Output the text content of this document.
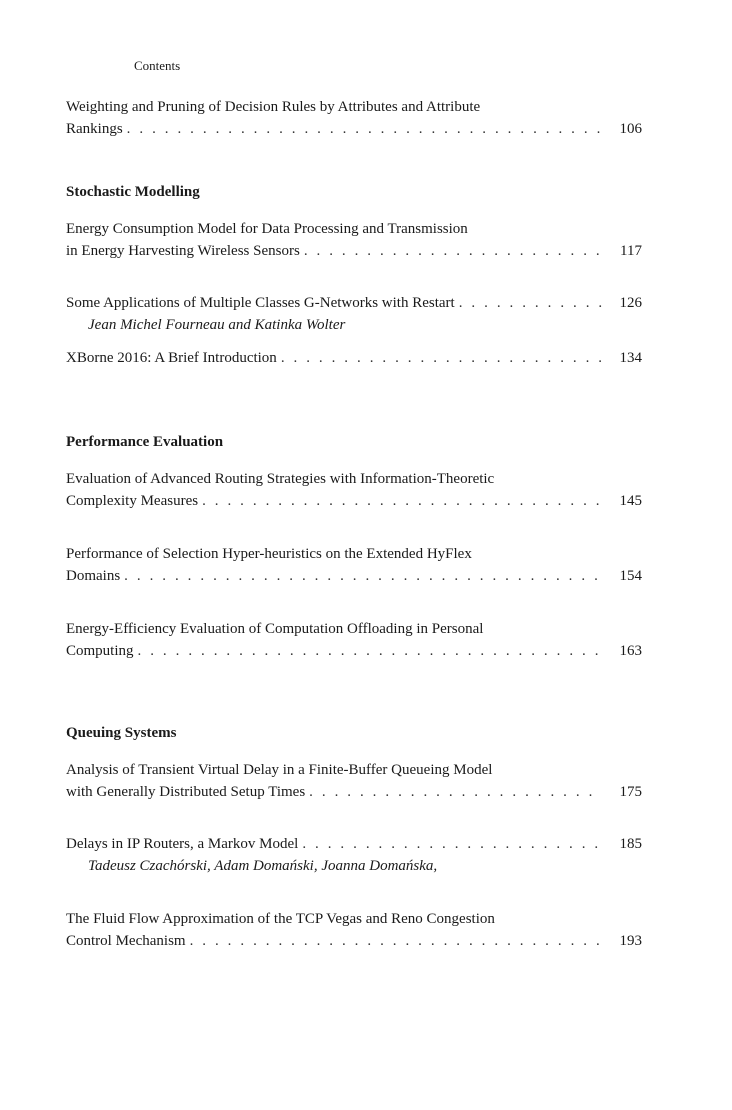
Contents
Weighting and Pruning of Decision Rules by Attributes and Attribute
Rankings . . .	106
Stochastic Modelling
Energy Consumption Model for Data Processing and Transmission
in Energy Harvesting Wireless Sensors . . .	117
Some Applications of Multiple Classes G-Networks with Restart . . .	126
Jean Michel Fourneau and Katinka Wolter
XBorne 2016: A Brief Introduction . . .	134
Performance Evaluation
Evaluation of Advanced Routing Strategies with Information-Theoretic
Complexity Measures . . .	145
Performance of Selection Hyper-heuristics on the Extended HyFlex
Domains . . .	154
Energy-Efficiency Evaluation of Computation Offloading in Personal
Computing . . .	163
Queuing Systems
Analysis of Transient Virtual Delay in a Finite-Buffer Queueing Model
with Generally Distributed Setup Times . . .	175
Delays in IP Routers, a Markov Model . . .	185
Tadeusz Czachórski, Adam Domański, Joanna Domańska,
The Fluid Flow Approximation of the TCP Vegas and Reno Congestion
Control Mechanism . . .	193
